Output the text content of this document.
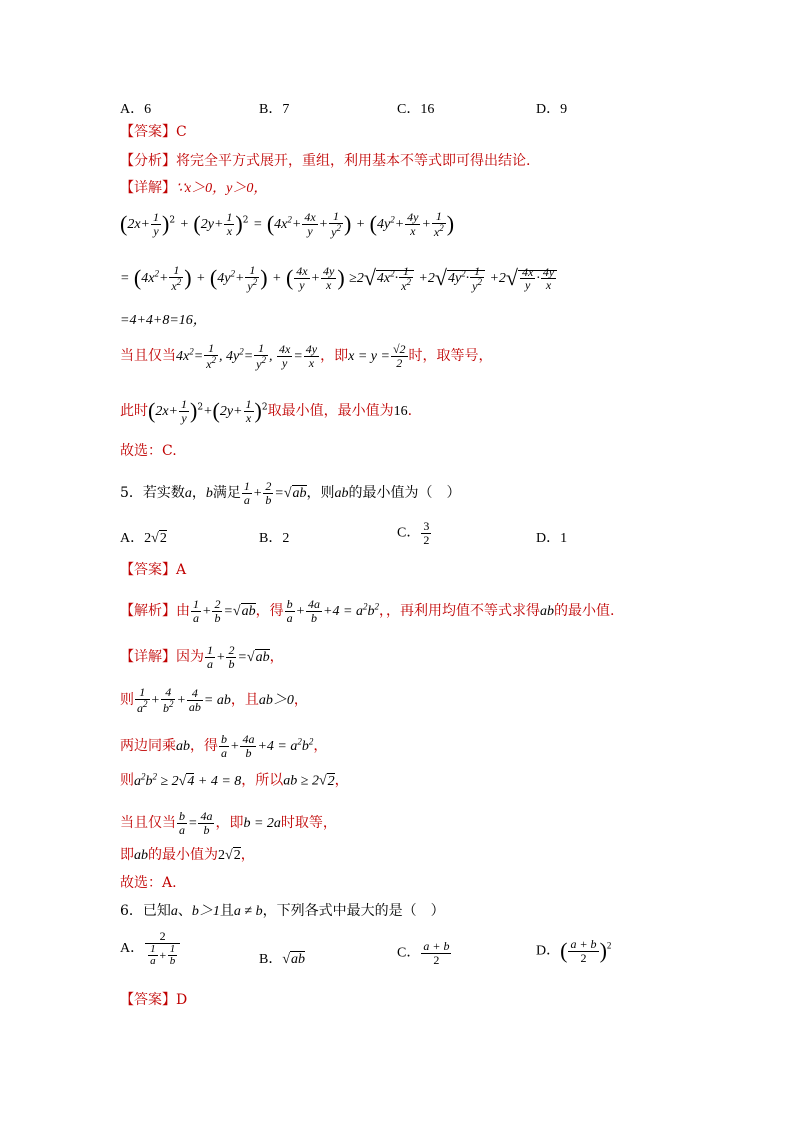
A．6	B．7	C．16	D．9
【答案】C
【分析】将完全平方式展开，重组，利用基本不等式即可得出结论.
【详解】∵x＞0，y＞0，
$(2x+ \frac{1}{y} )^2 + (2y+ \frac{1}{x} )^2 = (4x^2+ \frac{4x}{y} + \frac{1}{y^2}$ ) + ($4y^2+ \frac{4y}{x} + \frac{1}{x^2}$ )
= ($4x^2+ \frac{1}{x^2}$ ) + ($4y^2+ \frac{1}{y^2}$ ) + ( $\frac{4x}{y} + \frac{4y}{x}$ ) $\ge 2√4x^2\cdot \frac{1}{x^2} +2√4y^2\cdot \frac{1}{y^2} +2√ \frac{4x}{y} \cdot \frac{4y}{x}$
=4+4+8=16，
当且仅当$4x^2= \frac{1}{x^2}$ , $4y^2= \frac{1}{y^2}$ , $\frac{4x}{y} = \frac{4y}{x}$ ，即$x = y = \frac{√2}{2}$ 时，取等号，
此时$(2x+ \frac{1}{y} )^2+(2y+ \frac{1}{x} )^2$取最小值，最小值为16.
故选：C.
5．若实数a，b满足 $\frac{1}{a} + \frac{2}{b} =√ab$，则ab的最小值为（　）
A．2√2	B．2	C． $\frac{3}{2}$	D．1
【答案】A
【解析】由 $\frac{1}{a} + \frac{2}{b} =√ab$，得 $\frac{b}{a} + \frac{4a}{b} +4 = a^2b^2$，，再利用均值不等式求得ab的最小值.
【详解】因为 $\frac{1}{a} + \frac{2}{b} =√ab$，
则 $\frac{1}{a^2} + \frac{4}{b^2} + \frac{4}{ab}$ = ab，且ab＞0，
两边同乘ab，得 $\frac{b}{a} + \frac{4a}{b} +4 = a^2b^2$，
则$a^2b^2 \ge 2√4 + 4 = 8$，所以ab ≥ 2√2，
当且仅当 $\frac{b}{a} = \frac{4a}{b}$ ，即b = 2a时取等，
即ab的最小值为2√2，
故选：A.
6．已知a、b＞1且a ≠ b，下列各式中最大的是（　）
A． $\frac{2}{\frac{1}{a} + \frac{1}{b}}$	B．√ab	C． $\frac{a + b}{2}$	D．( $\frac{a + b}{2} )^2$
【答案】D
